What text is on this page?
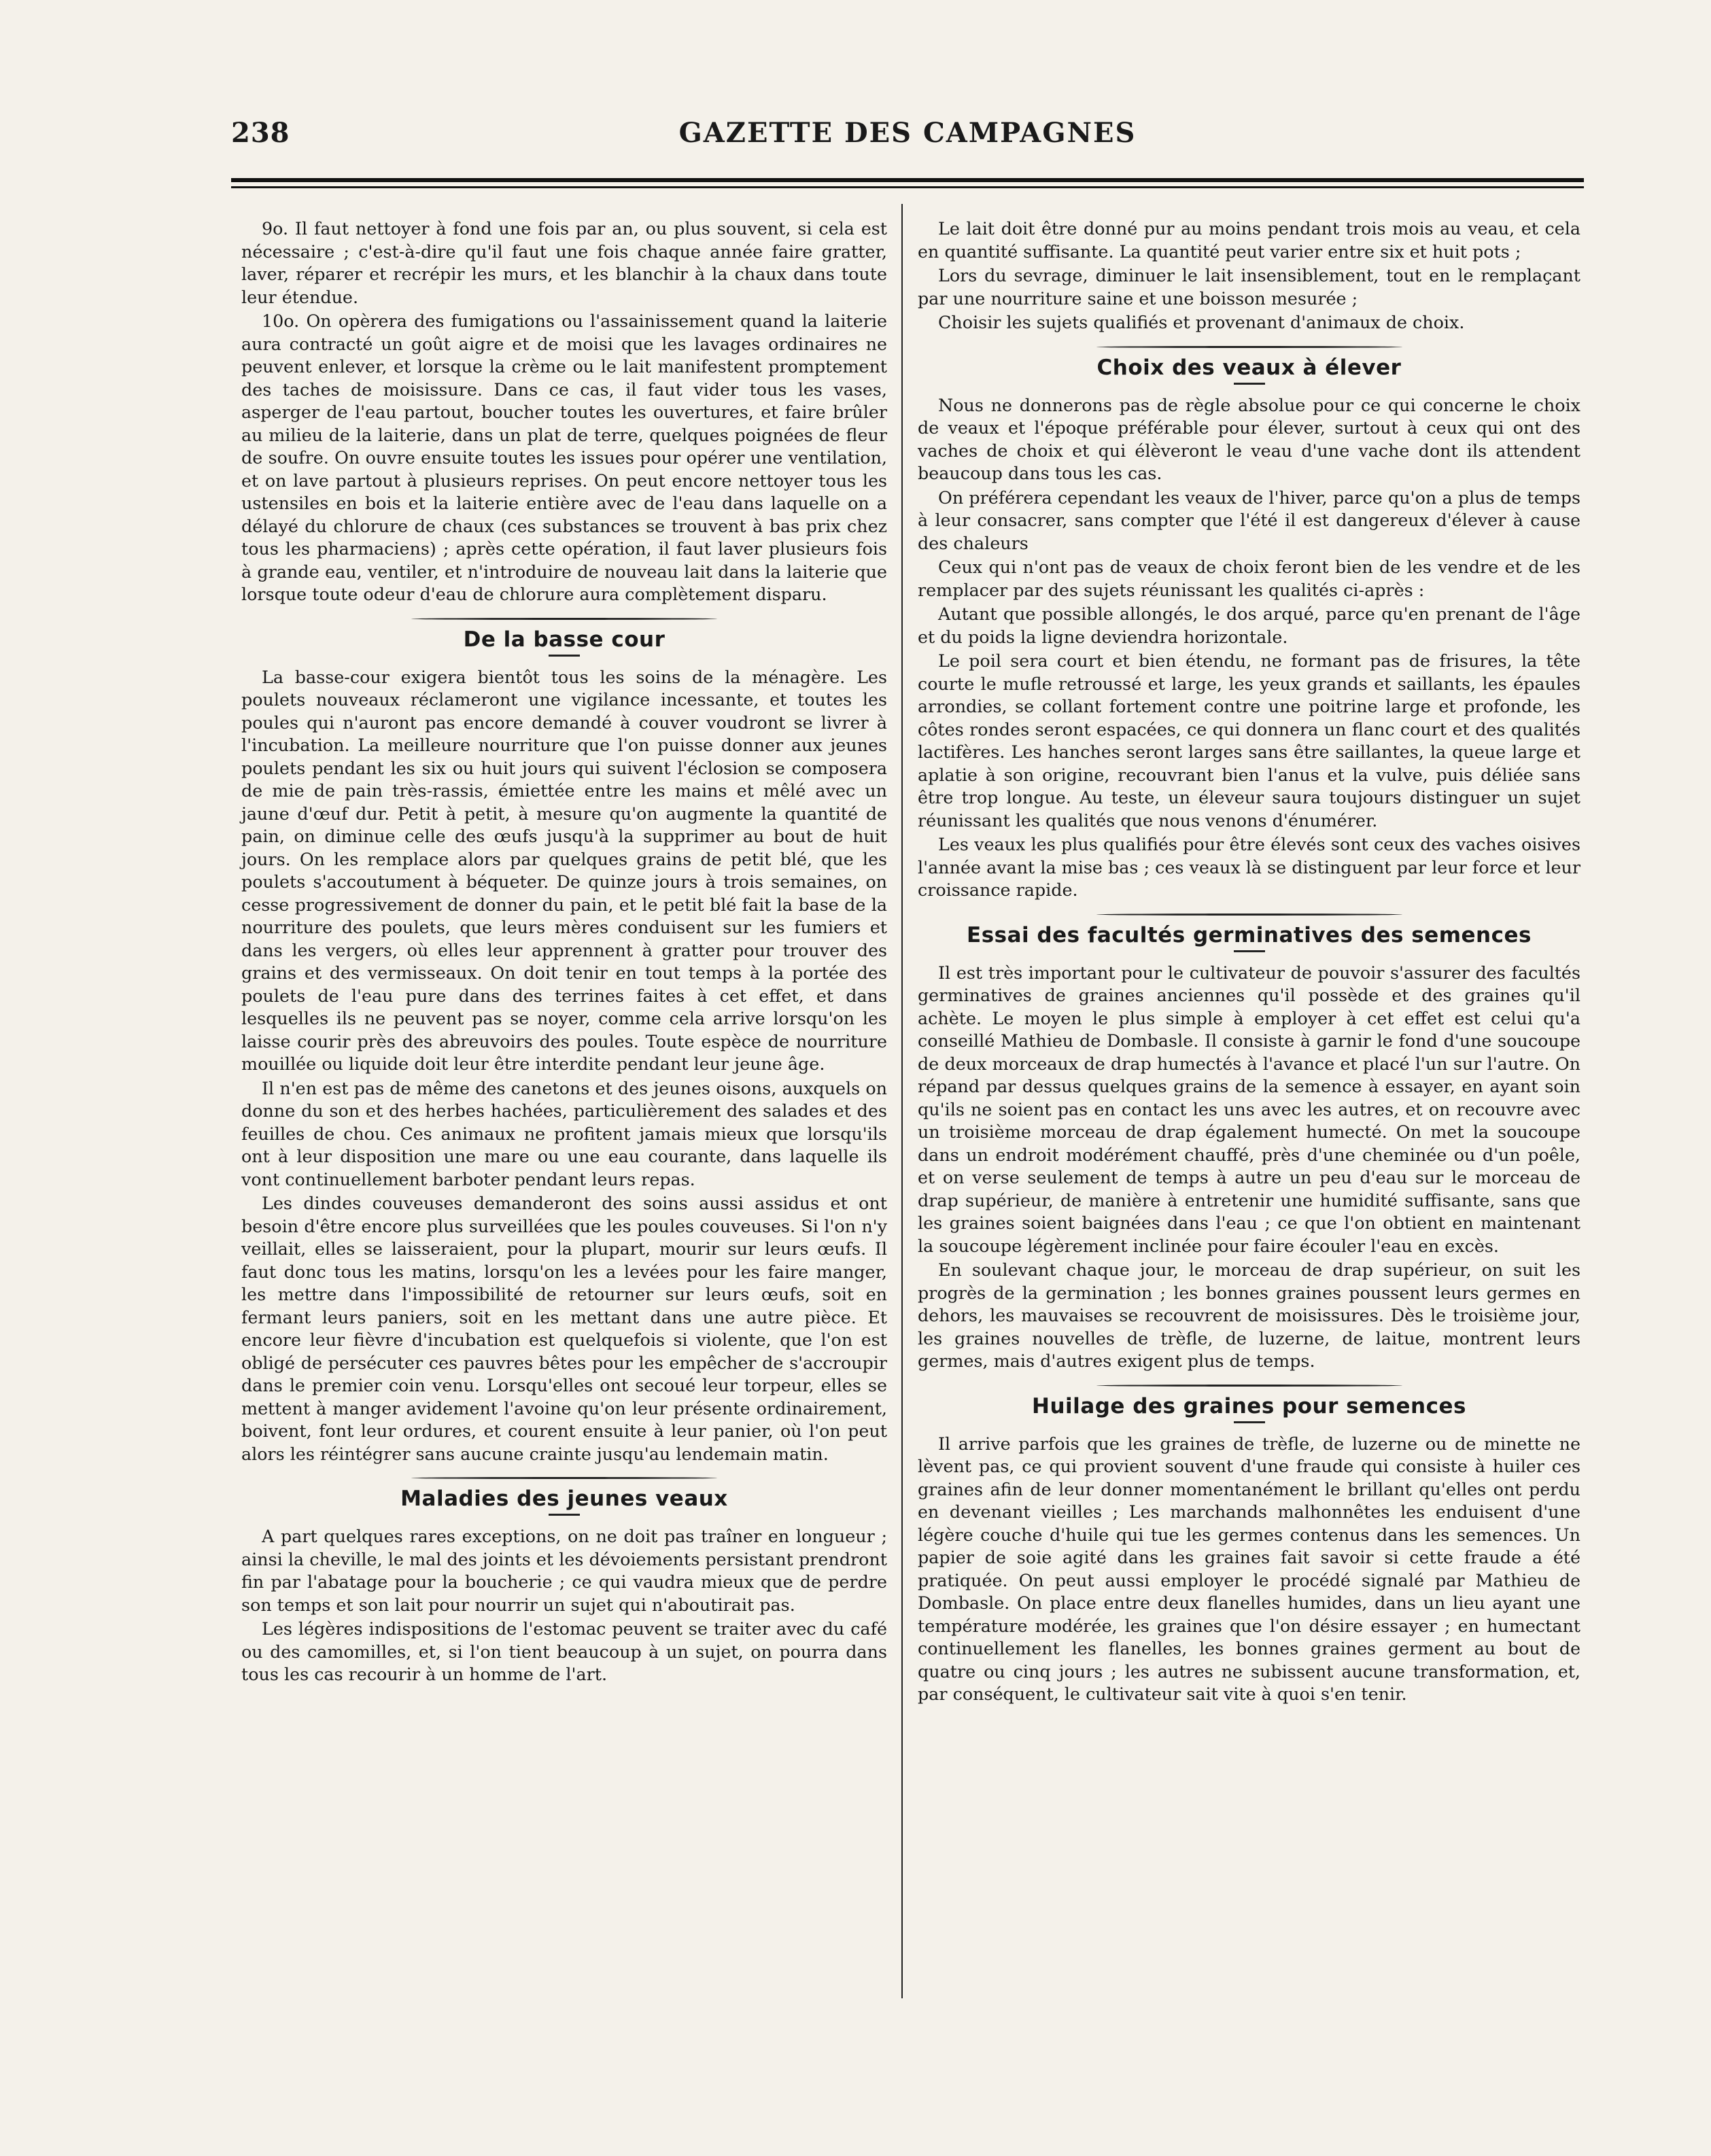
238	GAZETTE DES CAMPAGNES

9o. Il faut nettoyer à fond une fois par an, ou plus souvent, si cela est nécessaire ; c'est-à-dire qu'il faut une fois chaque année faire gratter, laver, réparer et recrépir les murs, et les blanchir à la chaux dans toute leur étendue.

10o. On opèrera des fumigations ou l'assainissement quand la laiterie aura contracté un goût aigre et de moisi que les lavages ordinaires ne peuvent enlever, et lorsque la crème ou le lait manifestent promptement des taches de moisissure. Dans ce cas, il faut vider tous les vases, asperger de l'eau partout, boucher toutes les ouvertures, et faire brûler au milieu de la laiterie, dans un plat de terre, quelques poignées de fleur de soufre. On ouvre ensuite toutes les issues pour opérer une ventilation, et on lave partout à plusieurs reprises. On peut encore nettoyer tous les ustensiles en bois et la laiterie entière avec de l'eau dans laquelle on a délayé du chlorure de chaux (ces substances se trouvent à bas prix chez tous les pharmaciens) ; après cette opération, il faut laver plusieurs fois à grande eau, ventiler, et n'introduire de nouveau lait dans la laiterie que lorsque toute odeur d'eau de chlorure aura complètement disparu.

De la basse cour

La basse-cour exigera bientôt tous les soins de la ménagère. Les poulets nouveaux réclameront une vigilance incessante, et toutes les poules qui n'auront pas encore demandé à couver voudront se livrer à l'incubation. La meilleure nourriture que l'on puisse donner aux jeunes poulets pendant les six ou huit jours qui suivent l'éclosion se composera de mie de pain très-rassis, émiettée entre les mains et mêlé avec un jaune d'œuf dur. Petit à petit, à mesure qu'on augmente la quantité de pain, on diminue celle des œufs jusqu'à la supprimer au bout de huit jours. On les remplace alors par quelques grains de petit blé, que les poulets s'accoutument à béqueter. De quinze jours à trois semaines, on cesse progressivement de donner du pain, et le petit blé fait la base de la nourriture des poulets, que leurs mères conduisent sur les fumiers et dans les vergers, où elles leur apprennent à gratter pour trouver des grains et des vermisseaux. On doit tenir en tout temps à la portée des poulets de l'eau pure dans des terrines faites à cet effet, et dans lesquelles ils ne peuvent pas se noyer, comme cela arrive lorsqu'on les laisse courir près des abreuvoirs des poules. Toute espèce de nourriture mouillée ou liquide doit leur être interdite pendant leur jeune âge.

Il n'en est pas de même des canetons et des jeunes oisons, auxquels on donne du son et des herbes hachées, particulièrement des salades et des feuilles de chou. Ces animaux ne profitent jamais mieux que lorsqu'ils ont à leur disposition une mare ou une eau courante, dans laquelle ils vont continuellement barboter pendant leurs repas.

Les dindes couveuses demanderont des soins aussi assidus et ont besoin d'être encore plus surveillées que les poules couveuses. Si l'on n'y veillait, elles se laisseraient, pour la plupart, mourir sur leurs œufs. Il faut donc tous les matins, lorsqu'on les a levées pour les faire manger, les mettre dans l'impossibilité de retourner sur leurs œufs, soit en fermant leurs paniers, soit en les mettant dans une autre pièce. Et encore leur fièvre d'incubation est quelquefois si violente, que l'on est obligé de persécuter ces pauvres bêtes pour les empêcher de s'accroupir dans le premier coin venu. Lorsqu'elles ont secoué leur torpeur, elles se mettent à manger avidement l'avoine qu'on leur présente ordinairement, boivent, font leur ordures, et courent ensuite à leur panier, où l'on peut alors les réintégrer sans aucune crainte jusqu'au lendemain matin.

Maladies des jeunes veaux

A part quelques rares exceptions, on ne doit pas traîner en longueur ; ainsi la cheville, le mal des joints et les dévoiements persistant prendront fin par l'abatage pour la boucherie ; ce qui vaudra mieux que de perdre son temps et son lait pour nourrir un sujet qui n'aboutirait pas.

Les légères indispositions de l'estomac peuvent se traiter avec du café ou des camomilles, et, si l'on tient beaucoup à un sujet, on pourra dans tous les cas recourir à un homme de l'art.

Le lait doit être donné pur au moins pendant trois mois au veau, et cela en quantité suffisante. La quantité peut varier entre six et huit pots ;

Lors du sevrage, diminuer le lait insensiblement, tout en le remplaçant par une nourriture saine et une boisson mesurée ;

Choisir les sujets qualifiés et provenant d'animaux de choix.

Choix des veaux à élever

Nous ne donnerons pas de règle absolue pour ce qui concerne le choix de veaux et l'époque préférable pour élever, surtout à ceux qui ont des vaches de choix et qui élèveront le veau d'une vache dont ils attendent beaucoup dans tous les cas.

On préférera cependant les veaux de l'hiver, parce qu'on a plus de temps à leur consacrer, sans compter que l'été il est dangereux d'élever à cause des chaleurs

Ceux qui n'ont pas de veaux de choix feront bien de les vendre et de les remplacer par des sujets réunissant les qualités ci-après :

Autant que possible allongés, le dos arqué, parce qu'en prenant de l'âge et du poids la ligne deviendra horizontale.

Le poil sera court et bien étendu, ne formant pas de frisures, la tête courte le mufle retroussé et large, les yeux grands et saillants, les épaules arrondies, se collant fortement contre une poitrine large et profonde, les côtes rondes seront espacées, ce qui donnera un flanc court et des qualités lactifères. Les hanches seront larges sans être saillantes, la queue large et aplatie à son origine, recouvrant bien l'anus et la vulve, puis déliée sans être trop longue. Au teste, un éleveur saura toujours distinguer un sujet réunissant les qualités que nous venons d'énumérer.

Les veaux les plus qualifiés pour être élevés sont ceux des vaches oisives l'année avant la mise bas ; ces veaux là se distinguent par leur force et leur croissance rapide.

Essai des facultés germinatives des semences

Il est très important pour le cultivateur de pouvoir s'assurer des facultés germinatives de graines anciennes qu'il possède et des graines qu'il achète. Le moyen le plus simple à employer à cet effet est celui qu'a conseillé Mathieu de Dombasle. Il consiste à garnir le fond d'une soucoupe de deux morceaux de drap humectés à l'avance et placé l'un sur l'autre. On répand par dessus quelques grains de la semence à essayer, en ayant soin qu'ils ne soient pas en contact les uns avec les autres, et on recouvre avec un troisième morceau de drap également humecté. On met la soucoupe dans un endroit modérément chauffé, près d'une cheminée ou d'un poêle, et on verse seulement de temps à autre un peu d'eau sur le morceau de drap supérieur, de manière à entretenir une humidité suffisante, sans que les graines soient baignées dans l'eau ; ce que l'on obtient en maintenant la soucoupe légèrement inclinée pour faire écouler l'eau en excès.

En soulevant chaque jour, le morceau de drap supérieur, on suit les progrès de la germination ; les bonnes graines poussent leurs germes en dehors, les mauvaises se recouvrent de moisissures. Dès le troisième jour, les graines nouvelles de trèfle, de luzerne, de laitue, montrent leurs germes, mais d'autres exigent plus de temps.

Huilage des graines pour semences

Il arrive parfois que les graines de trèfle, de luzerne ou de minette ne lèvent pas, ce qui provient souvent d'une fraude qui consiste à huiler ces graines afin de leur donner momentanément le brillant qu'elles ont perdu en devenant vieilles ; Les marchands malhonnêtes les enduisent d'une légère couche d'huile qui tue les germes contenus dans les semences. Un papier de soie agité dans les graines fait savoir si cette fraude a été pratiquée. On peut aussi employer le procédé signalé par Mathieu de Dombasle. On place entre deux flanelles humides, dans un lieu ayant une température modérée, les graines que l'on désire essayer ; en humectant continuellement les flanelles, les bonnes graines germent au bout de quatre ou cinq jours ; les autres ne subissent aucune transformation, et, par conséquent, le cultivateur sait vite à quoi s'en tenir.
